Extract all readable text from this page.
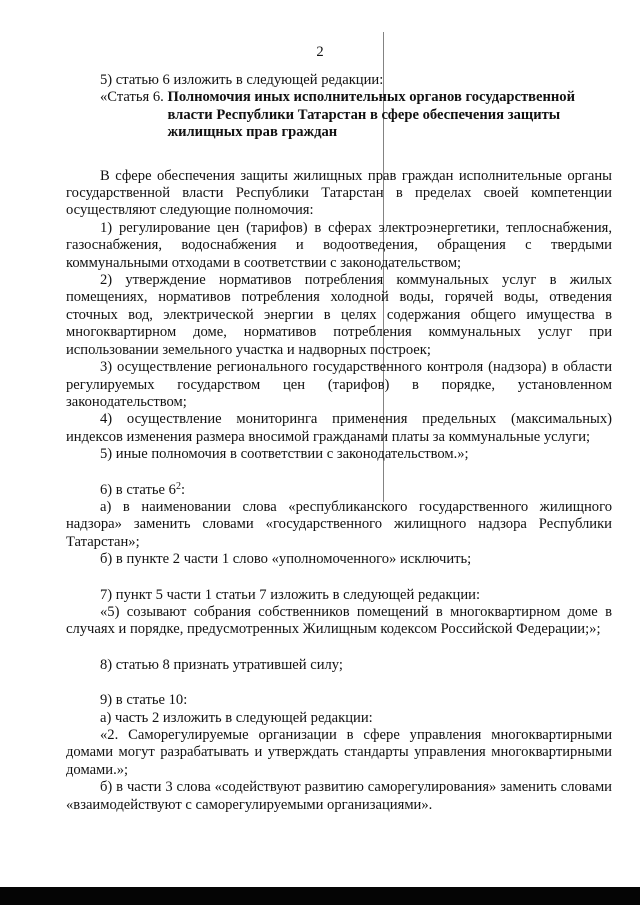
2

5) статью 6 изложить в следующей редакции:

«Статья 6. Полномочия иных исполнительных органов государственной власти Республики Татарстан в сфере обеспечения защиты жилищных прав граждан

В сфере обеспечения защиты жилищных прав граждан исполнительные органы государственной власти Республики Татарстан в пределах своей компетенции осуществляют следующие полномочия:

1) регулирование цен (тарифов) в сферах электроэнергетики, теплоснабжения, газоснабжения, водоснабжения и водоотведения, обращения с твердыми коммунальными отходами в соответствии с законодательством;

2) утверждение нормативов потребления коммунальных услуг в жилых помещениях, нормативов потребления холодной воды, горячей воды, отведения сточных вод, электрической энергии в целях содержания общего имущества в многоквартирном доме, нормативов потребления коммунальных услуг при использовании земельного участка и надворных построек;

3) осуществление регионального государственного контроля (надзора) в области регулируемых государством цен (тарифов) в порядке, установленном законодательством;

4) осуществление мониторинга применения предельных (максимальных) индексов изменения размера вносимой гражданами платы за коммунальные услуги;

5) иные полномочия в соответствии с законодательством.»;

6) в статье $6^2$:

а) в наименовании слова «республиканского государственного жилищного надзора» заменить словами «государственного жилищного надзора Республики Татарстан»;

б) в пункте 2 части 1 слово «уполномоченного» исключить;

7) пункт 5 части 1 статьи 7 изложить в следующей редакции:

«5) созывают собрания собственников помещений в многоквартирном доме в случаях и порядке, предусмотренных Жилищным кодексом Российской Федерации;»;

8) статью 8 признать утратившей силу;

9) в статье 10:

а) часть 2 изложить в следующей редакции:

«2. Саморегулируемые организации в сфере управления многоквартирными домами могут разрабатывать и утверждать стандарты управления многоквартирными домами.»;

б) в части 3 слова «содействуют развитию саморегулирования» заменить словами «взаимодействуют с саморегулируемыми организациями».
